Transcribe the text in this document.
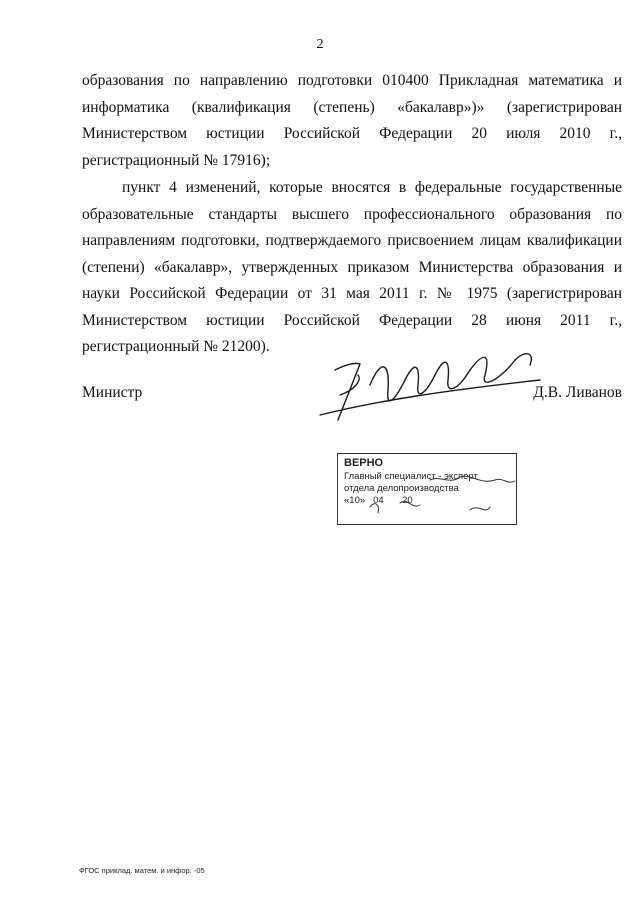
2
образования по направлению подготовки 010400 Прикладная математика и информатика (квалификация (степень) «бакалавр»)» (зарегистрирован Министерством юстиции Российской Федерации 20 июля 2010 г., регистрационный № 17916);
пункт 4 изменений, которые вносятся в федеральные государственные образовательные стандарты высшего профессионального образования по направлениям подготовки, подтверждаемого присвоением лицам квалификации (степени) «бакалавр», утвержденных приказом Министерства образования и науки Российской Федерации от 31 мая 2011 г. № 1975 (зарегистрирован Министерством юстиции Российской Федерации 28 июня 2011 г., регистрационный № 21200).
Министр	Д.В. Ливанов
ВЕРНО
Главный специалист - эксперт
отдела делопроизводства
«10»   04 20
ФГОС приклад. матем. и инфор. -05
